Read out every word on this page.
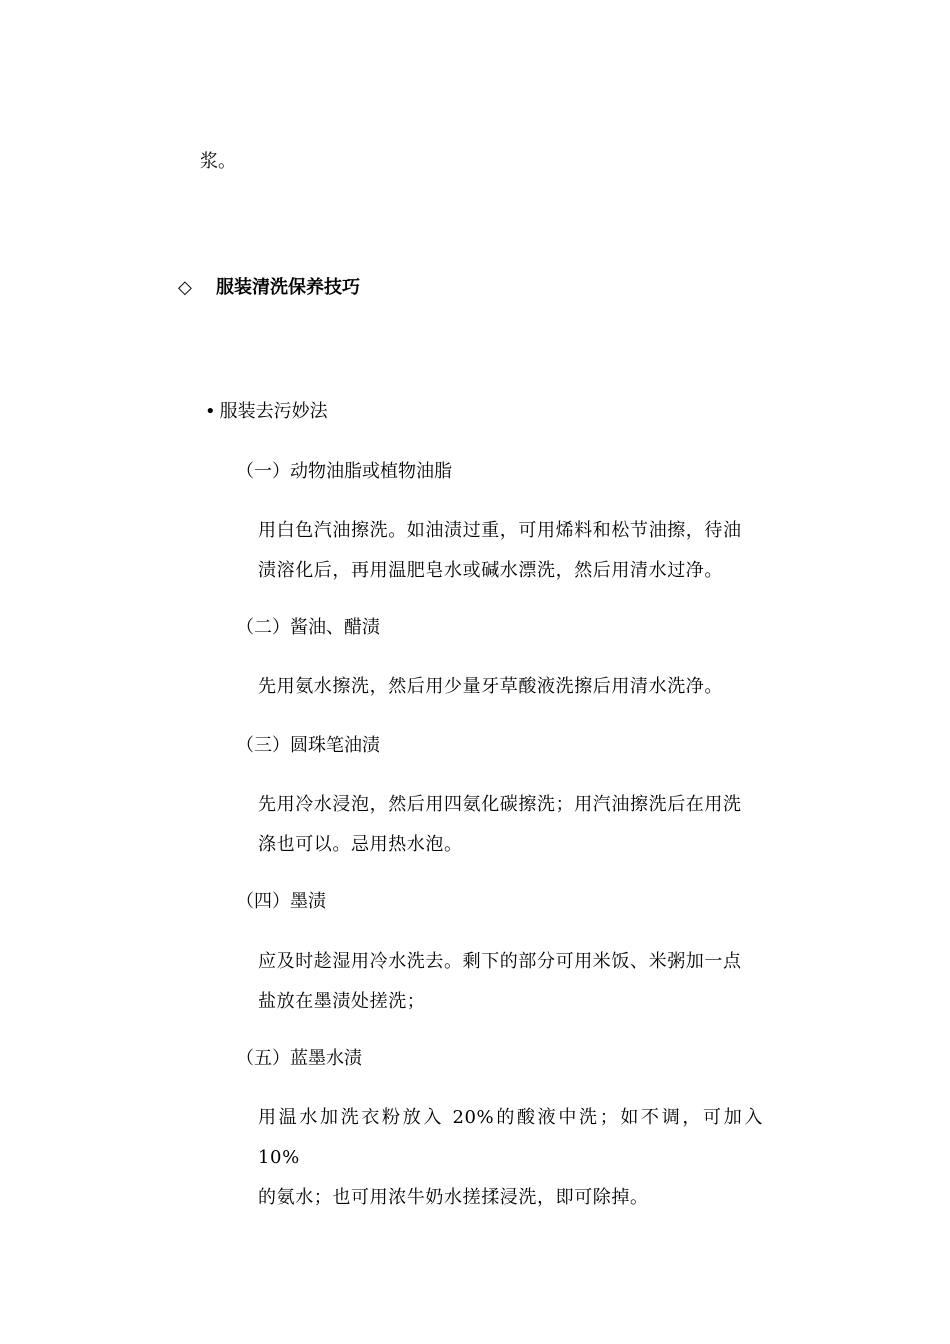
浆。
◇ 服装清洗保养技巧
• 服装去污妙法
（一）动物油脂或植物油脂
用白色汽油擦洗。如油渍过重，可用烯料和松节油擦，待油
渍溶化后，再用温肥皂水或碱水漂洗，然后用清水过净。
（二）酱油、醋渍
先用氨水擦洗，然后用少量牙草酸液洗擦后用清水洗净。
（三）圆珠笔油渍
先用冷水浸泡，然后用四氨化碳擦洗；用汽油擦洗后在用洗
涤也可以。忌用热水泡。
（四）墨渍
应及时趁湿用冷水洗去。剩下的部分可用米饭、米粥加一点
盐放在墨渍处搓洗；
（五）蓝墨水渍
用温水加洗衣粉放入 20%的酸液中洗；如不调，可加入 10%
的氨水；也可用浓牛奶水搓揉浸洗，即可除掉。
